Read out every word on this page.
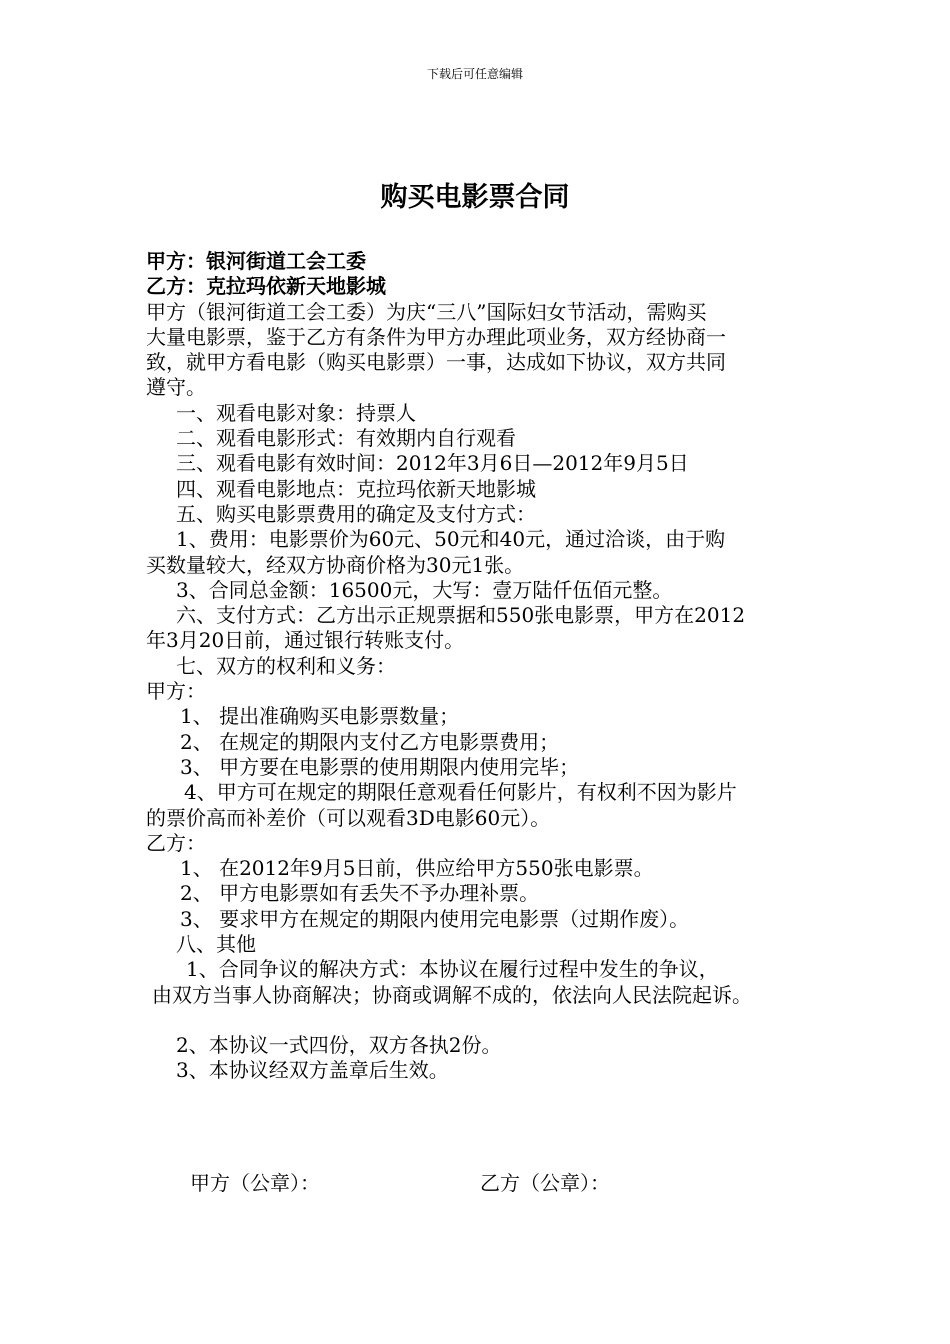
下载后可任意编辑
购买电影票合同

甲方：银河街道工会工委

乙方：克拉玛依新天地影城

甲方（银河街道工会工委）为庆“三八”国际妇女节活动，需购买

大量电影票，鉴于乙方有条件为甲方办理此项业务，双方经协商一

致，就甲方看电影（购买电影票）一事，达成如下协议，双方共同

遵守。

一、观看电影对象：持票人

二、观看电影形式：有效期内自行观看

三、观看电影有效时间：2012年3月6日—2012年9月5日

四、观看电影地点：克拉玛依新天地影城

五、购买电影票费用的确定及支付方式：

1、费用：电影票价为60元、50元和40元，通过洽谈，由于购

买数量较大，经双方协商价格为30元1张。

3、合同总金额：16500元，大写：壹万陆仟伍佰元整。

六、支付方式：乙方出示正规票据和550张电影票，甲方在2012

年3月20日前，通过银行转账支付。

七、双方的权利和义务：

甲方：

1、 提出准确购买电影票数量；

2、 在规定的期限内支付乙方电影票费用；

3、 甲方要在电影票的使用期限内使用完毕；

4、甲方可在规定的期限任意观看任何影片，有权利不因为影片

的票价高而补差价（可以观看3D电影60元）。

乙方：

1、 在2012年9月5日前，供应给甲方550张电影票。

2、 甲方电影票如有丢失不予办理补票。

3、 要求甲方在规定的期限内使用完电影票（过期作废）。

八、其他

1、合同争议的解决方式：本协议在履行过程中发生的争议，

由双方当事人协商解决；协商或调解不成的，依法向人民法院起诉。

2、本协议一式四份，双方各执2份。

3、本协议经双方盖章后生效。

甲方（公章）：	乙方（公章）：
